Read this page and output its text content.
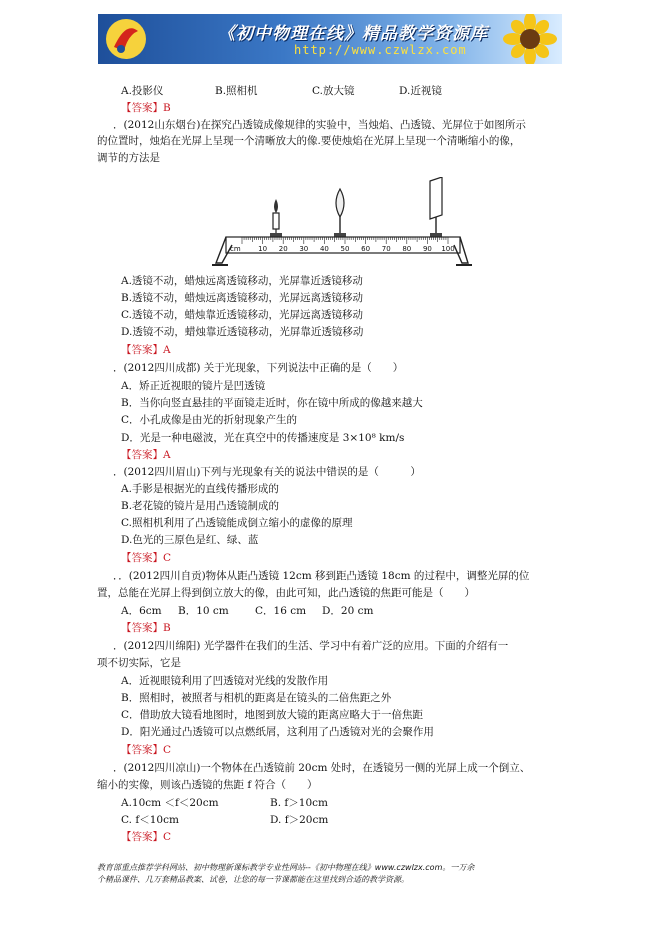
《初中物理在线》精品教学资源库
http://www.czwlzx.com
A.投影仪	B.照相机	C.放大镜	D.近视镜
【答案】B
．(2012山东烟台)在探究凸透镜成像规律的实验中，当烛焰、凸透镜、光屏位于如图所示
的位置时，烛焰在光屏上呈现一个清晰放大的像.要使烛焰在光屏上呈现一个清晰缩小的像，
调节的方法是
cm 10 20 30 40 50 60 70 80 90 100
A.透镜不动，蜡烛远离透镜移动，光屏靠近透镜移动
B.透镜不动，蜡烛远离透镜移动，光屏远离透镜移动
C.透镜不动，蜡烛靠近透镜移动，光屏远离透镜移动
D.透镜不动，蜡烛靠近透镜移动，光屏靠近透镜移动
【答案】A
．(2012四川成都) 关于光现象，下列说法中正确的是（　　）
A．矫正近视眼的镜片是凹透镜
B．当你向竖直悬挂的平面镜走近时，你在镜中所成的像越来越大
C．小孔成像是由光的折射现象产生的
D．光是一种电磁波，光在真空中的传播速度是 3×10⁸ km/s
【答案】A
．(2012四川眉山)下列与光现象有关的说法中错误的是（　　　）
A.手影是根据光的直线传播形成的
B.老花镜的镜片是用凸透镜制成的
C.照相机利用了凸透镜能成倒立缩小的虚像的原理
D.色光的三原色是红、绿、蓝
【答案】C
．．(2012四川自贡)物体从距凸透镜 12cm 移到距凸透镜 18cm 的过程中，调整光屏的位
置，总能在光屏上得到倒立放大的像，由此可知，此凸透镜的焦距可能是（　　）
A．6cm B．10 cm C．16 cm D．20 cm
【答案】B
．(2012四川绵阳) 光学器件在我们的生活、学习中有着广泛的应用。下面的介绍有一
项不切实际，它是
A．近视眼镜利用了凹透镜对光线的发散作用
B．照相时，被照者与相机的距离是在镜头的二倍焦距之外
C．借助放大镜看地图时，地图到放大镜的距离应略大于一倍焦距
D．阳光通过凸透镜可以点燃纸屑，这利用了凸透镜对光的会聚作用
【答案】C
．(2012四川凉山)一个物体在凸透镜前 20cm 处时，在透镜另一侧的光屏上成一个倒立、
缩小的实像，则该凸透镜的焦距 f 符合（　　）
A.10cm ＜f＜20cm	B. f＞10cm
C. f＜10cm	D. f＞20cm
【答案】C
教育部重点推荐学科网站、初中物理新课标教学专业性网站--《初中物理在线》www.czwlzx.com。一万余
个精品课件、几万套精品教案、试卷，让您的每一节课都能在这里找到合适的教学资源。
